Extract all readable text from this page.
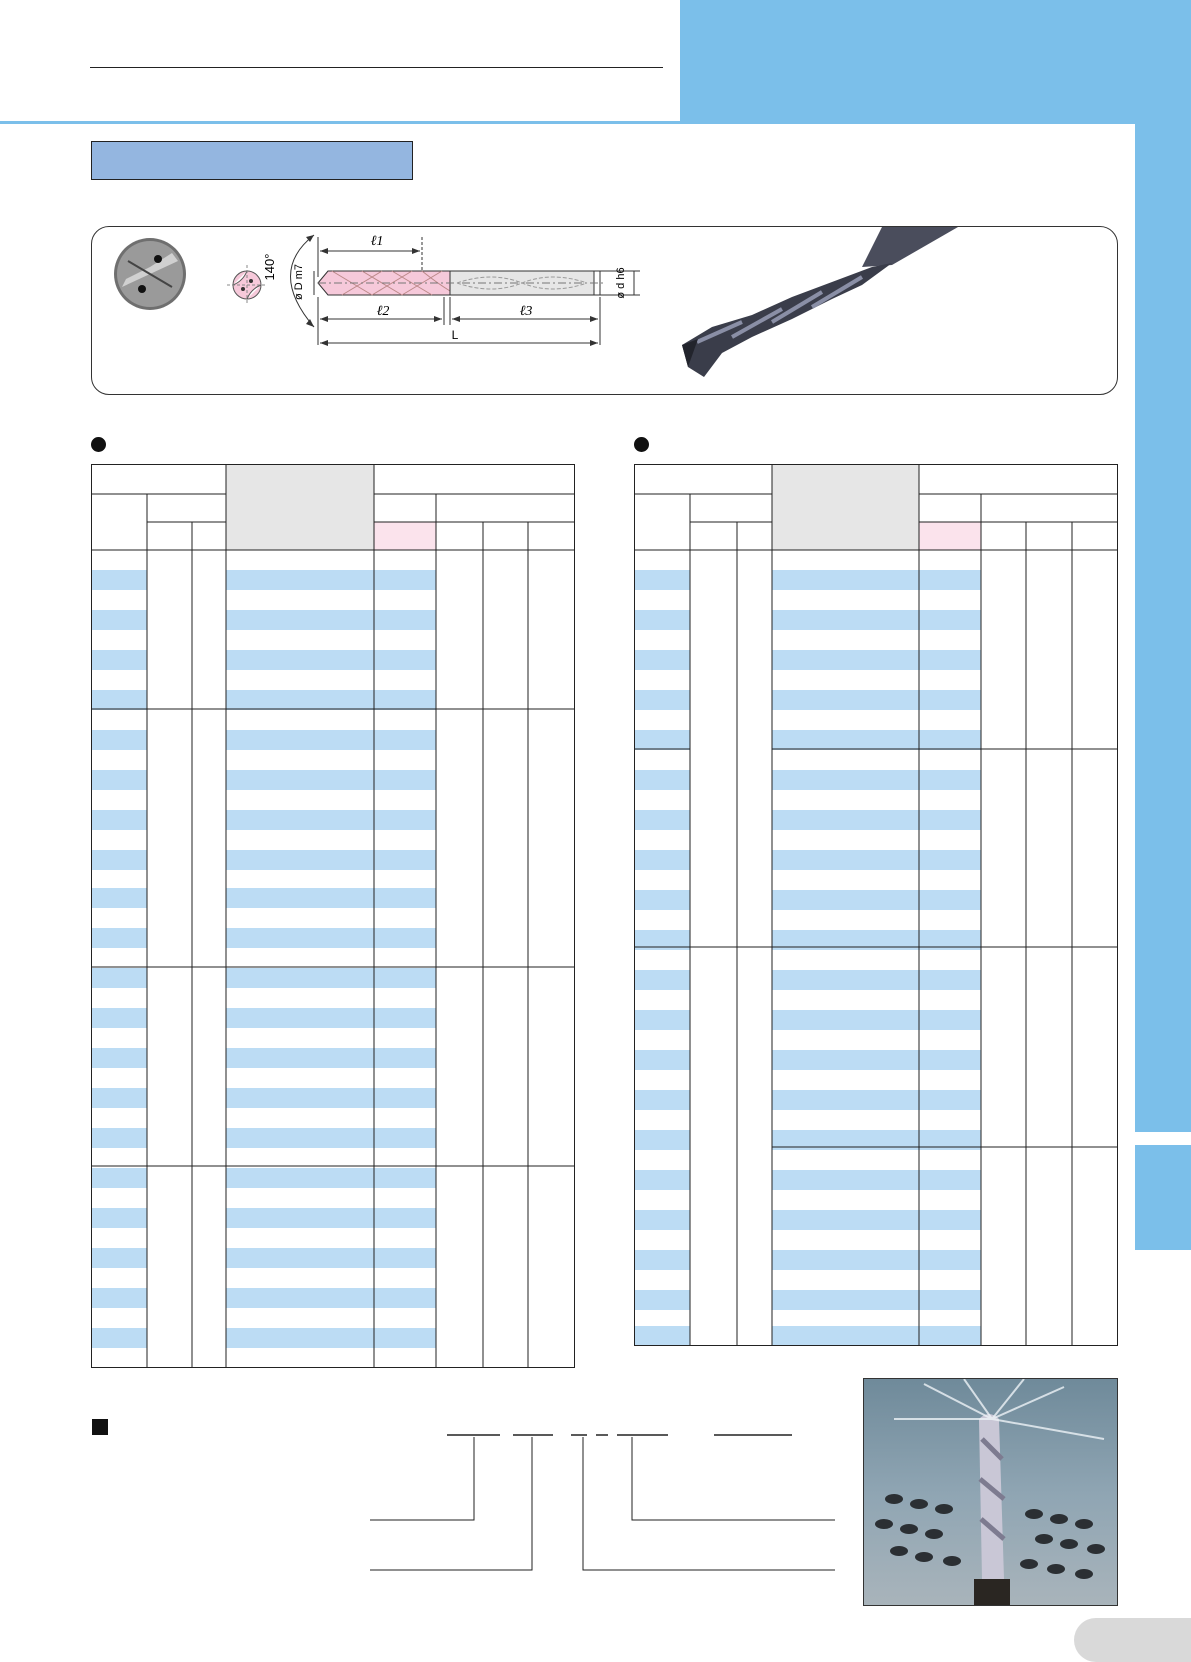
140° ø D m7	ø d h6
ℓ1
ℓ2	ℓ3
L
